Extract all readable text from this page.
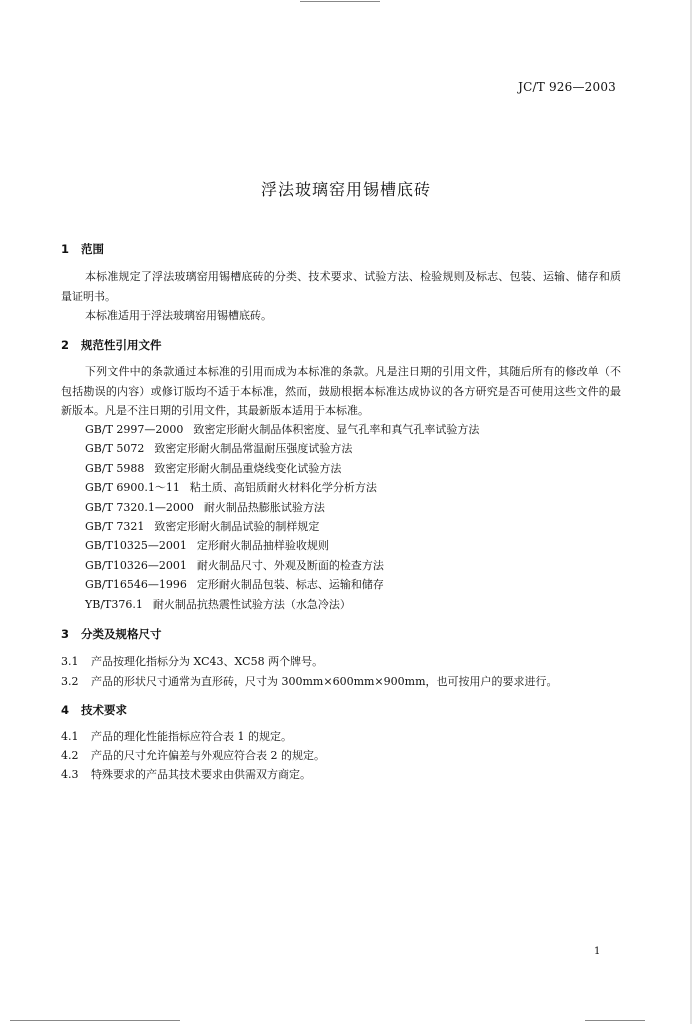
JC/T 926—2003
浮法玻璃窑用锡槽底砖
1 范围
本标准规定了浮法玻璃窑用锡槽底砖的分类、技术要求、试验方法、检验规则及标志、包装、运输、储存和质量证明书。
本标准适用于浮法玻璃窑用锡槽底砖。
2 规范性引用文件
下列文件中的条款通过本标准的引用而成为本标准的条款。凡是注日期的引用文件，其随后所有的修改单（不包括勘误的内容）或修订版均不适于本标准，然而，鼓励根据本标准达成协议的各方研究是否可使用这些文件的最新版本。凡是不注日期的引用文件，其最新版本适用于本标准。
GB/T 2997—2000 致密定形耐火制品体积密度、显气孔率和真气孔率试验方法
GB/T 5072 致密定形耐火制品常温耐压强度试验方法
GB/T 5988 致密定形耐火制品重烧线变化试验方法
GB/T 6900.1～11 粘土质、高铝质耐火材料化学分析方法
GB/T 7320.1—2000 耐火制品热膨胀试验方法
GB/T 7321 致密定形耐火制品试验的制样规定
GB/T10325—2001 定形耐火制品抽样验收规则
GB/T10326—2001 耐火制品尺寸、外观及断面的检查方法
GB/T16546—1996 定形耐火制品包装、标志、运输和储存
YB/T376.1 耐火制品抗热震性试验方法（水急冷法）
3 分类及规格尺寸
3.1 产品按理化指标分为 XC43、XC58 两个牌号。
3.2 产品的形状尺寸通常为直形砖，尺寸为 300mm×600mm×900mm，也可按用户的要求进行。
4 技术要求
4.1 产品的理化性能指标应符合表 1 的规定。
4.2 产品的尺寸允许偏差与外观应符合表 2 的规定。
4.3 特殊要求的产品其技术要求由供需双方商定。
1
